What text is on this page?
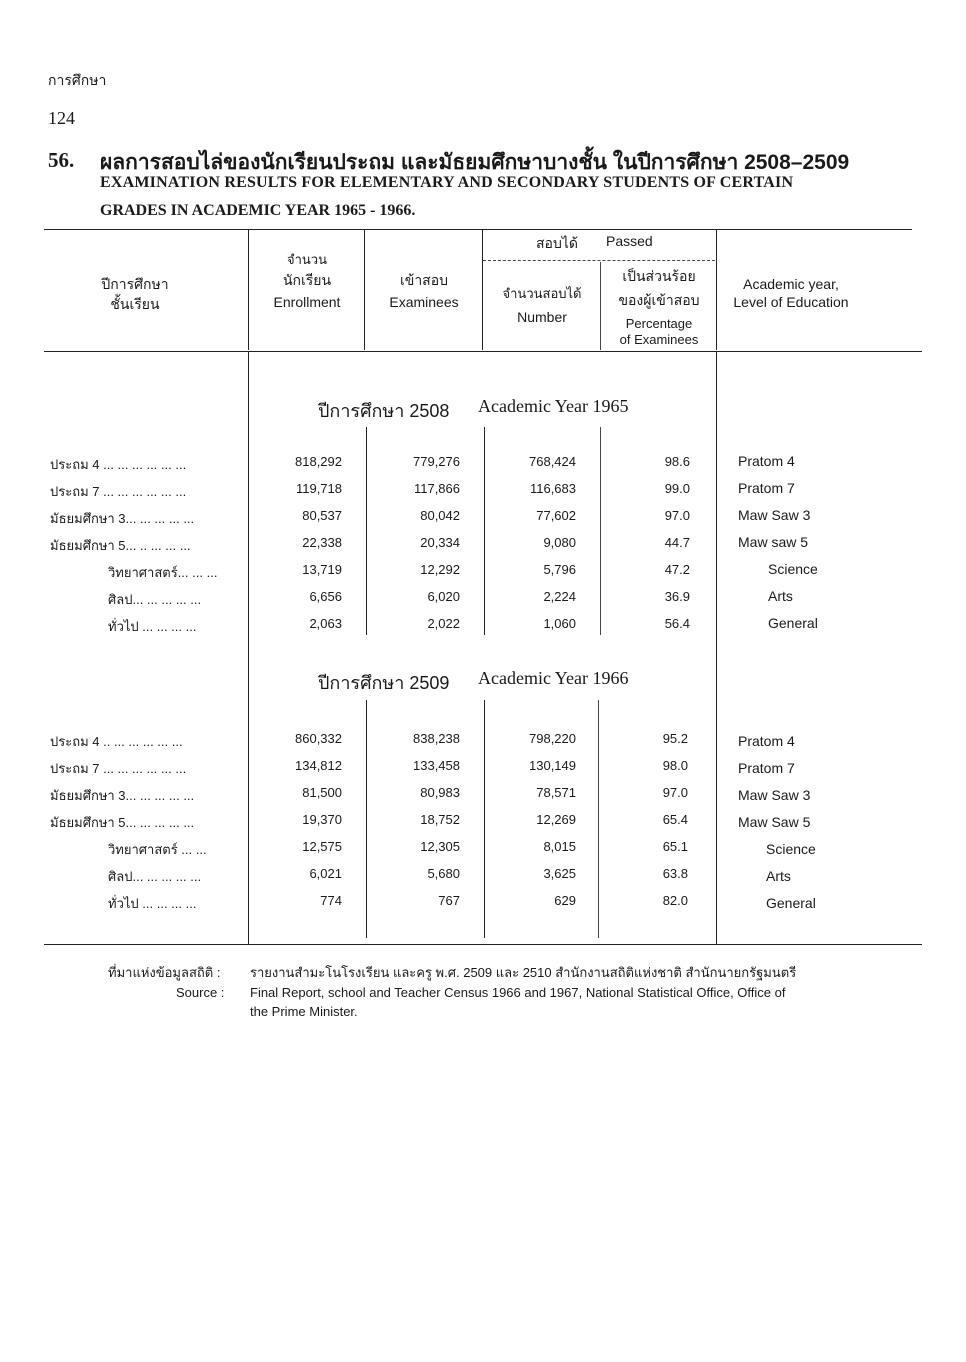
การศึกษา
124
56. ผลการสอบไล่ของนักเรียนประถม และมัธยมศึกษาบางชั้น ในปีการศึกษา 2508–2509
EXAMINATION RESULTS FOR ELEMENTARY AND SECONDARY STUDENTS OF CERTAIN
GRADES IN ACADEMIC YEAR 1965 - 1966.
ปีการศึกษา
ชั้นเรียน
จำนวน
นักเรียน
Enrollment
เข้าสอบ
Examinees
สอบได้ Passed
จำนวนสอบได้
Number
เป็นส่วนร้อย
ของผู้เข้าสอบ
Percentage
of Examinees
Academic year,
Level of Education
ปีการศึกษา 2508 Academic Year 1965
ปีการศึกษา 2509 Academic Year 1966
ประถม 4 ... ... ... ... ... ...	818,292	779,276	768,424	98.6	Pratom 4
ประถม 7 ... ... ... ... ... ...	119,718	117,866	116,683	99.0	Pratom 7
มัธยมศึกษา 3... ... ... ... ...	80,537	80,042	77,602	97.0	Maw Saw 3
มัธยมศึกษา 5... .. ... ... ...	22,338	20,334	9,080	44.7	Maw saw 5
วิทยาศาสตร์... ... ...	13,719	12,292	5,796	47.2	Science
ศิลป... ... ... ... ...	6,656	6,020	2,224	36.9	Arts
ทั่วไป ... ... ... ...	2,063	2,022	1,060	56.4	General
ประถม 4 .. ... ... ... ... ...	860,332	838,238	798,220	95.2	Pratom 4
ประถม 7 ... ... ... ... ... ...	134,812	133,458	130,149	98.0	Pratom 7
มัธยมศึกษา 3... ... ... ... ...	81,500	80,983	78,571	97.0	Maw Saw 3
มัธยมศึกษา 5... ... ... ... ...	19,370	18,752	12,269	65.4	Maw Saw 5
วิทยาศาสตร์ ... ...	12,575	12,305	8,015	65.1	Science
ศิลป... ... ... ... ...	6,021	5,680	3,625	63.8	Arts
ทั่วไป ... ... ... ...	774	767	629	82.0	General
ที่มาแห่งข้อมูลสถิติ : รายงานสำมะโนโรงเรียน และครู พ.ศ. 2509 และ 2510 สำนักงานสถิติแห่งชาติ สำนักนายกรัฐมนตรี
Source : Final Report, school and Teacher Census 1966 and 1967, National Statistical Office, Office of
the Prime Minister.
